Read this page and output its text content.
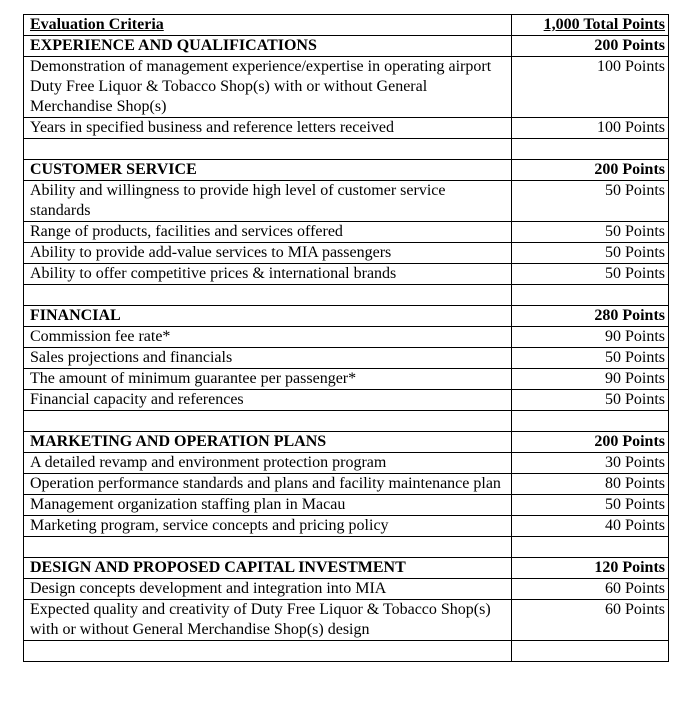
Evaluation Criteria	1,000 Total Points
EXPERIENCE AND QUALIFICATIONS	200 Points
Demonstration of management experience/expertise in operating airport Duty Free Liquor & Tobacco Shop(s) with or without General Merchandise Shop(s)	100 Points
Years in specified business and reference letters received	100 Points

CUSTOMER SERVICE	200 Points
Ability and willingness to provide high level of customer service standards	50 Points
Range of products, facilities and services offered	50 Points
Ability to provide add-value services to MIA passengers	50 Points
Ability to offer competitive prices & international brands	50 Points

FINANCIAL	280 Points
Commission fee rate*	90 Points
Sales projections and financials	50 Points
The amount of minimum guarantee per passenger*	90 Points
Financial capacity and references	50 Points

MARKETING AND OPERATION PLANS	200 Points
A detailed revamp and environment protection program	30 Points
Operation performance standards and plans and facility maintenance plan	80 Points
Management organization staffing plan in Macau	50 Points
Marketing program, service concepts and pricing policy	40 Points

DESIGN AND PROPOSED CAPITAL INVESTMENT	120 Points
Design concepts development and integration into MIA	60 Points
Expected quality and creativity of Duty Free Liquor & Tobacco Shop(s) with or without General Merchandise Shop(s) design	60 Points
